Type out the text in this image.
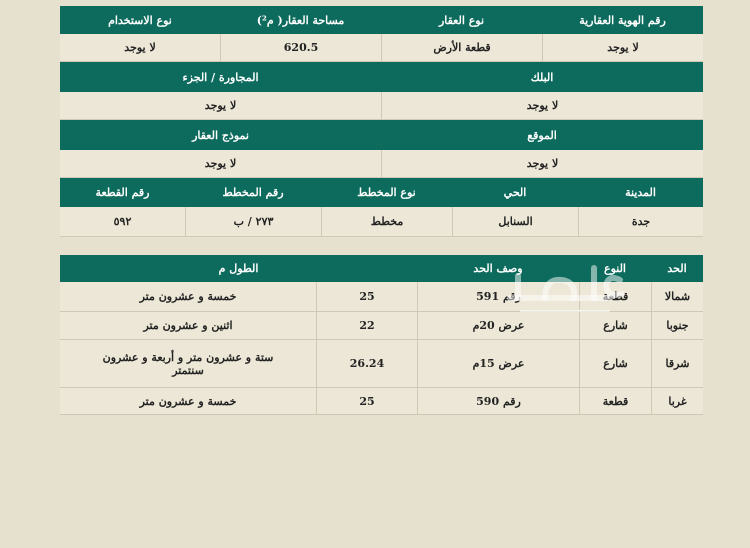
رقم الهوية العقارية
نوع العقار
مساحة العقار( م²)
نوع الاستخدام
لا يوجد
قطعة الأرض
620.5
لا يوجد
البلك
المجاورة / الجزء
لا يوجد
لا يوجد
الموقع
نموذج العقار
لا يوجد
لا يوجد
المدينة
الحي
نوع المخطط
رقم المخطط
رقم القطعة
جدة
السنابل
مخطط
٢٧٣ / ب
٥٩٢
الحد
النوع
وصف الحد
الطول م
شمالا
قطعة
رقم 591
25
خمسة و عشرون متر
جنوبا
شارع
عرض 20م
22
اثنين و عشرون متر
شرقا
شارع
عرض 15م
26.24
ستة و عشرون متر و أربعة و عشرون سنتمتر
غربا
قطعة
رقم 590
25
خمسة و عشرون متر
